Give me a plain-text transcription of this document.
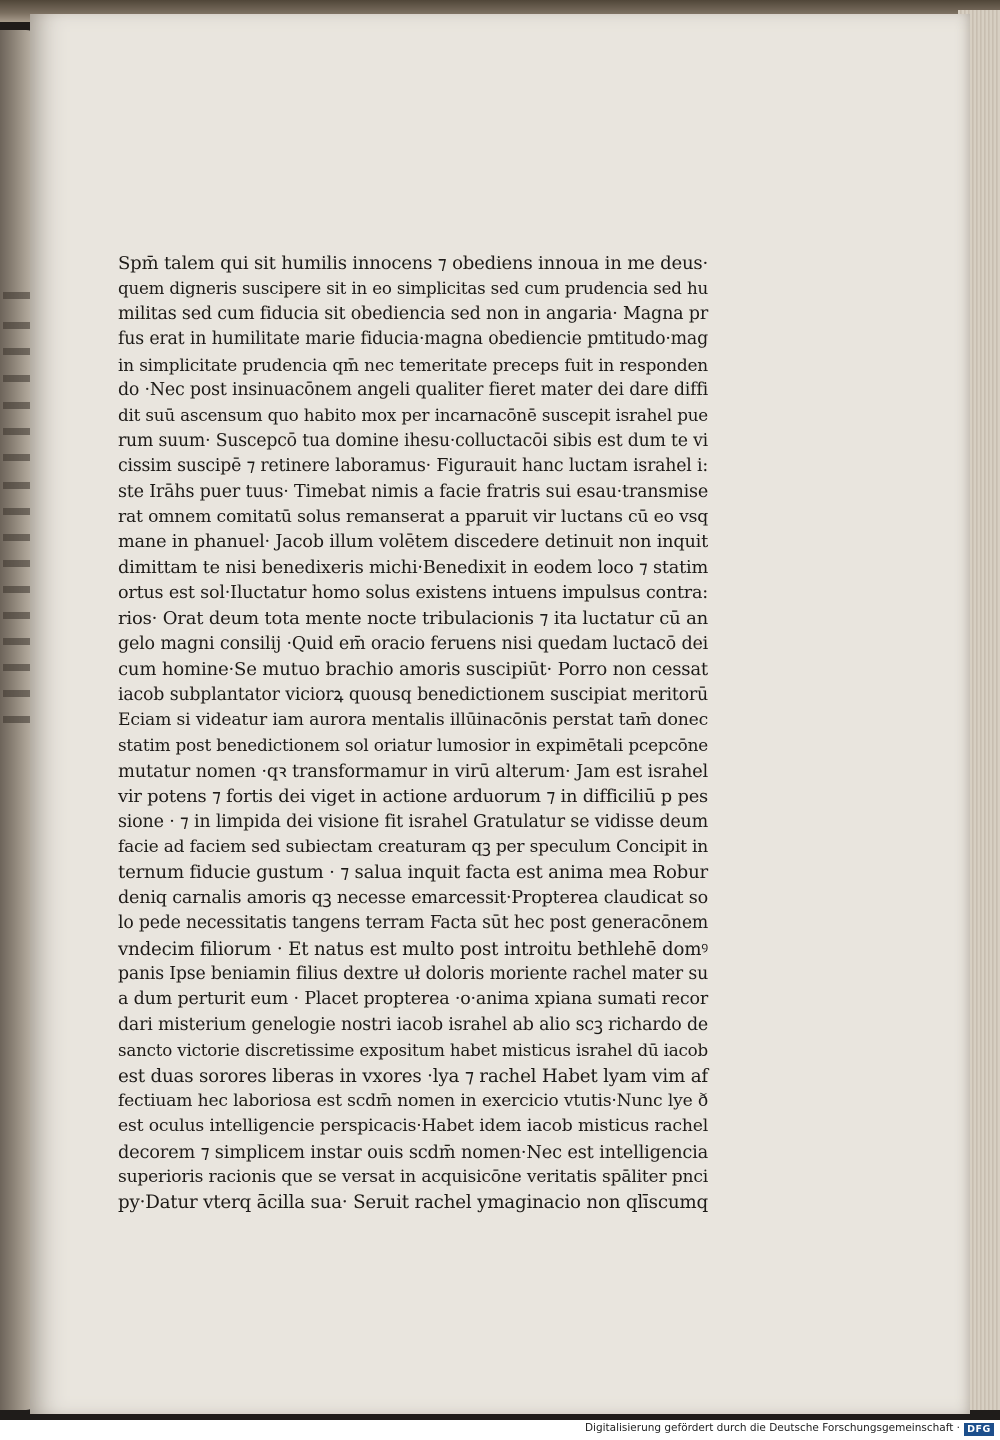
Spm̄ talem qui sit humilis innocens ⁊ obediens innoua in me deus·
quem digneris suscipere sit in eo simplicitas sed cum prudencia sed hu
militas sed cum fiducia sit obediencia sed non in angaria· Magna pr
fus erat in humilitate marie fiducia·magna obediencie pmtitudo·mag
in simplicitate prudencia qm̄ nec temeritate preceps fuit in responden
do ·Nec post insinuacōnem angeli qualiter fieret mater dei dare diffi
dit suū ascensum quo habito mox per incarnacōnē suscepit israhel pue
rum suum· Suscepcō tua domine ihesu·colluctacōi sibis est dum te vi
cissim suscipē ⁊ retinere laboramus· Figurauit hanc luctam israhel i:
ste Irāhs puer tuus· Timebat nimis a facie fratris sui esau·transmise
rat omnem comitatū solus remanserat a pparuit vir luctans cū eo vsq
mane in phanuel· Jacob illum volētem discedere detinuit non inquit
dimittam te nisi benedixeris michi·Benedixit in eodem loco ⁊ statim
ortus est sol·Iluctatur homo solus existens intuens impulsus contra:
rios· Orat deum tota mente nocte tribulacionis ⁊ ita luctatur cū an
gelo magni consilij ·Quid em̄ oracio feruens nisi quedam luctacō dei
cum homine·Se mutuo brachio amoris suscipiūt· Porro non cessat
iacob subplantator viciorꝝ quousq benedictionem suscipiat meritorū
Eciam si videatur iam aurora mentalis illūinacōnis perstat tam̄ donec
statim post benedictionem sol oriatur lumosior in expimētali pcepcōne
mutatur nomen ·qꝛ transformamur in virū alterum· Jam est israhel
vir potens ⁊ fortis dei viget in actione arduorum ⁊ in difficiliū p pes
sione · ⁊ in limpida dei visione fit israhel Gratulatur se vidisse deum
facie ad faciem sed subiectam creaturam qꝫ per speculum Concipit in
ternum fiducie gustum · ⁊ salua inquit facta est anima mea Robur
deniq carnalis amoris qꝫ necesse emarcessit·Propterea claudicat so
lo pede necessitatis tangens terram Facta sūt hec post generacōnem
vndecim filiorum · Et natus est multo post introitu bethlehē domꝰ
panis Ipse beniamin filius dextre uł doloris moriente rachel mater su
a dum perturit eum · Placet propterea ·o·anima xpiana sumati recor
dari misterium genelogie nostri iacob israhel ab alio scꝫ richardo de
sancto victorie discretissime expositum habet misticus israhel dū iacob
est duas sorores liberas in vxores ·lya ⁊ rachel Habet lyam vim af
fectiuam hec laboriosa est scdm̄ nomen in exercicio vtutis·Nunc lye ð
est oculus intelligencie perspicacis·Habet idem iacob misticus rachel
decorem ⁊ simplicem instar ouis scdm̄ nomen·Nec est intelligencia
superioris racionis que se versat in acquisicōne veritatis spāliter pnci
py·Datur vterq ācilla sua· Seruit rachel ymaginacio non qlīscumq
Digitalisierung gefördert durch die Deutsche Forschungsgemeinschaft · DFG
